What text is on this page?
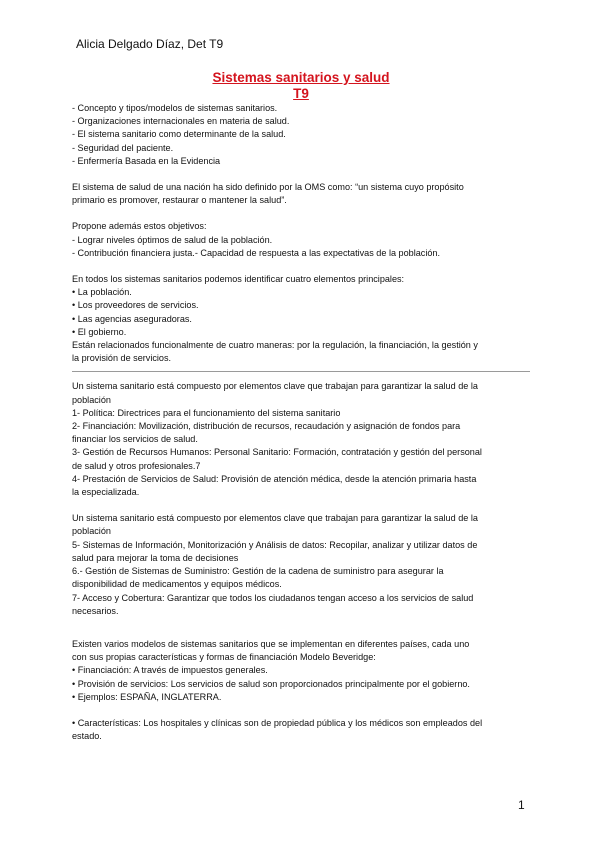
Alicia Delgado Díaz, Det T9
Sistemas sanitarios y salud
T9

- Concepto y tipos/modelos de sistemas sanitarios.

- Organizaciones internacionales en materia de salud.

- El sistema sanitario como determinante de la salud.

- Seguridad del paciente.

- Enfermería Basada en la Evidencia

El sistema de salud de una nación ha sido definido por la OMS como: “un sistema cuyo propósito

primario es promover, restaurar o mantener la salud”.

Propone además estos objetivos:

- Lograr niveles óptimos de salud de la población.

- Contribución financiera justa.- Capacidad de respuesta a las expectativas de la población.

En todos los sistemas sanitarios podemos identificar cuatro elementos principales:

• La población.

• Los proveedores de servicios.

• Las agencias aseguradoras.

• El gobierno.

Están relacionados funcionalmente de cuatro maneras: por la regulación, la financiación, la gestión y

la provisión de servicios.

Un sistema sanitario está compuesto por elementos clave que trabajan para garantizar la salud de la

población

1- Política: Directrices para el funcionamiento del sistema sanitario

2- Financiación: Movilización, distribución de recursos, recaudación y asignación de fondos para

financiar los servicios de salud.

3- Gestión de Recursos Humanos: Personal Sanitario: Formación, contratación y gestión del personal

de salud y otros profesionales.7

4- Prestación de Servicios de Salud: Provisión de atención médica, desde la atención primaria hasta

la especializada.

Un sistema sanitario está compuesto por elementos clave que trabajan para garantizar la salud de la

población

5- Sistemas de Información, Monitorización y Análisis de datos: Recopilar, analizar y utilizar datos de

salud para mejorar la toma de decisiones

6.- Gestión de Sistemas de Suministro: Gestión de la cadena de suministro para asegurar la

disponibilidad de medicamentos y equipos médicos.

7- Acceso y Cobertura: Garantizar que todos los ciudadanos tengan acceso a los servicios de salud

necesarios.

Existen varios modelos de sistemas sanitarios que se implementan en diferentes países, cada uno

con sus propias características y formas de financiación Modelo Beveridge:

• Financiación: A través de impuestos generales.

• Provisión de servicios: Los servicios de salud son proporcionados principalmente por el gobierno.

• Ejemplos: ESPAÑA, INGLATERRA.

• Características: Los hospitales y clínicas son de propiedad pública y los médicos son empleados del

estado.

1
